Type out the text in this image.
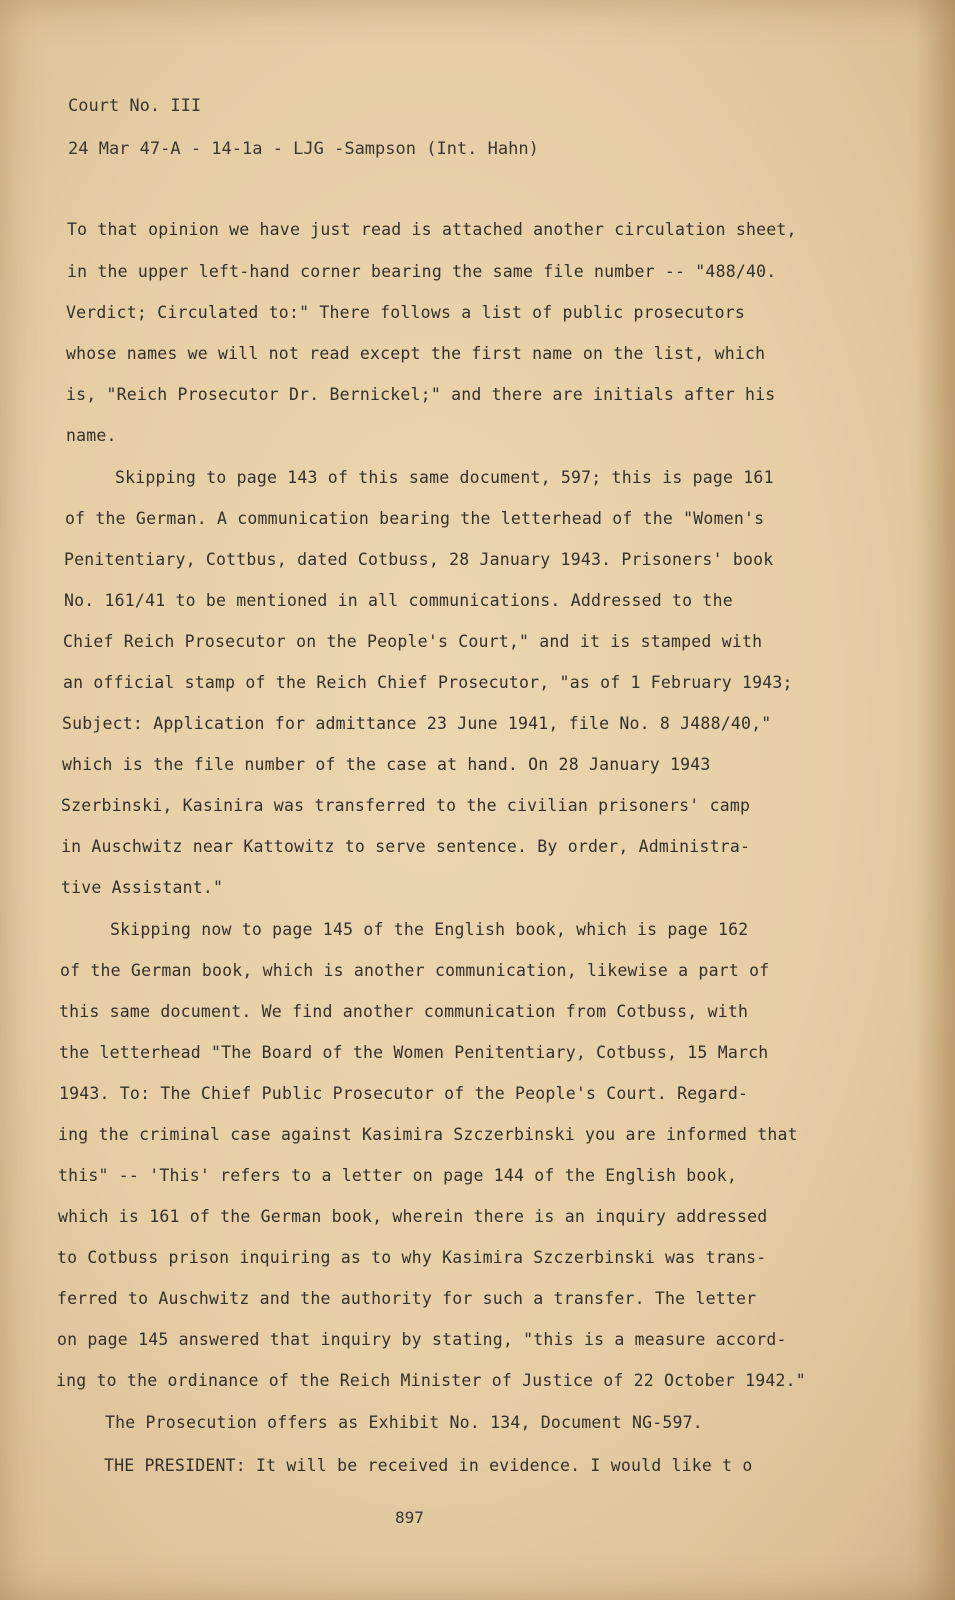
Court No. III

24 Mar 47-A - 14-1a - LJG -Sampson (Int. Hahn)

To that opinion we have just read is attached another circulation sheet,

in the upper left-hand corner bearing the same file number -- "488/40.

Verdict; Circulated to:" There follows a list of public prosecutors

whose names we will not read except the first name on the list, which

is, "Reich Prosecutor Dr. Bernickel;" and there are initials after his

name.

Skipping to page 143 of this same document, 597; this is page 161

of the German. A communication bearing the letterhead of the "Women's

Penitentiary, Cottbus, dated Cotbuss, 28 January 1943. Prisoners' book

No. 161/41 to be mentioned in all communications. Addressed to the

Chief Reich Prosecutor on the People's Court," and it is stamped with

an official stamp of the Reich Chief Prosecutor, "as of 1 February 1943;

Subject: Application for admittance 23 June 1941, file No. 8 J488/40,"

which is the file number of the case at hand. On 28 January 1943

Szerbinski, Kasinira was transferred to the civilian prisoners' camp

in Auschwitz near Kattowitz to serve sentence. By order, Administra-

tive Assistant."

Skipping now to page 145 of the English book, which is page 162

of the German book, which is another communication, likewise a part of

this same document. We find another communication from Cotbuss, with

the letterhead "The Board of the Women Penitentiary, Cotbuss, 15 March

1943. To: The Chief Public Prosecutor of the People's Court. Regard-

ing the criminal case against Kasimira Szczerbinski you are informed that

this" -- 'This' refers to a letter on page 144 of the English book,

which is 161 of the German book, wherein there is an inquiry addressed

to Cotbuss prison inquiring as to why Kasimira Szczerbinski was trans-

ferred to Auschwitz and the authority for such a transfer. The letter

on page 145 answered that inquiry by stating, "this is a measure accord-

ing to the ordinance of the Reich Minister of Justice of 22 October 1942."

The Prosecution offers as Exhibit No. 134, Document NG-597.

THE PRESIDENT: It will be received in evidence. I would like t o

897
